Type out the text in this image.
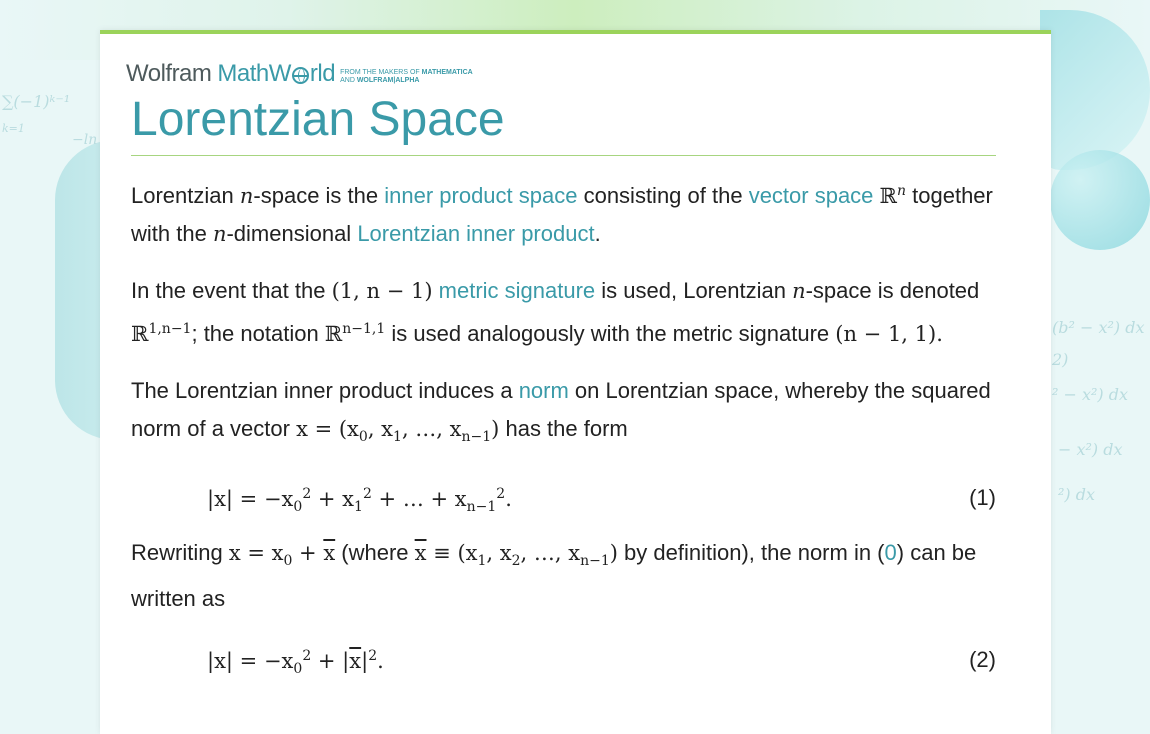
∑(−1)ᵏ⁻¹
k=1
−ln
(b² − x²) dx
2)
² − x²) dx
− x²) dx
²) dx
Wolfram MathW rld FROM THE MAKERS OF MATHEMATICA
AND WOLFRAM|ALPHA
Lorentzian Space

Lorentzian n-space is the inner product space consisting of the vector space ℝ$^n$ together with the n-dimensional Lorentzian inner product.

In the event that the (1, n − 1) metric signature is used, Lorentzian n-space is denoted ℝ$^{1,n-1}$; the notation ℝ$^{n-1,1}$ is used analogously with the metric signature (n − 1, 1).

The Lorentzian inner product induces a norm on Lorentzian space, whereby the squared norm of a vector $x = (x_0$, $x_1$, …, $x_{n-1}$) has the form

$|x| = -x_0^2 + x_1^2$ + … + $x_{n-1}^2$.	(1)

Rewriting $x = x_0 + \overline{x}$ (where $\overline{x} \equiv (x_1$, $x_2$, …, $x_{n-1}$) by definition), the norm in (0) can be written as

$|x| = -x_0^2 + |\overline{x}|^2$.	(2)
